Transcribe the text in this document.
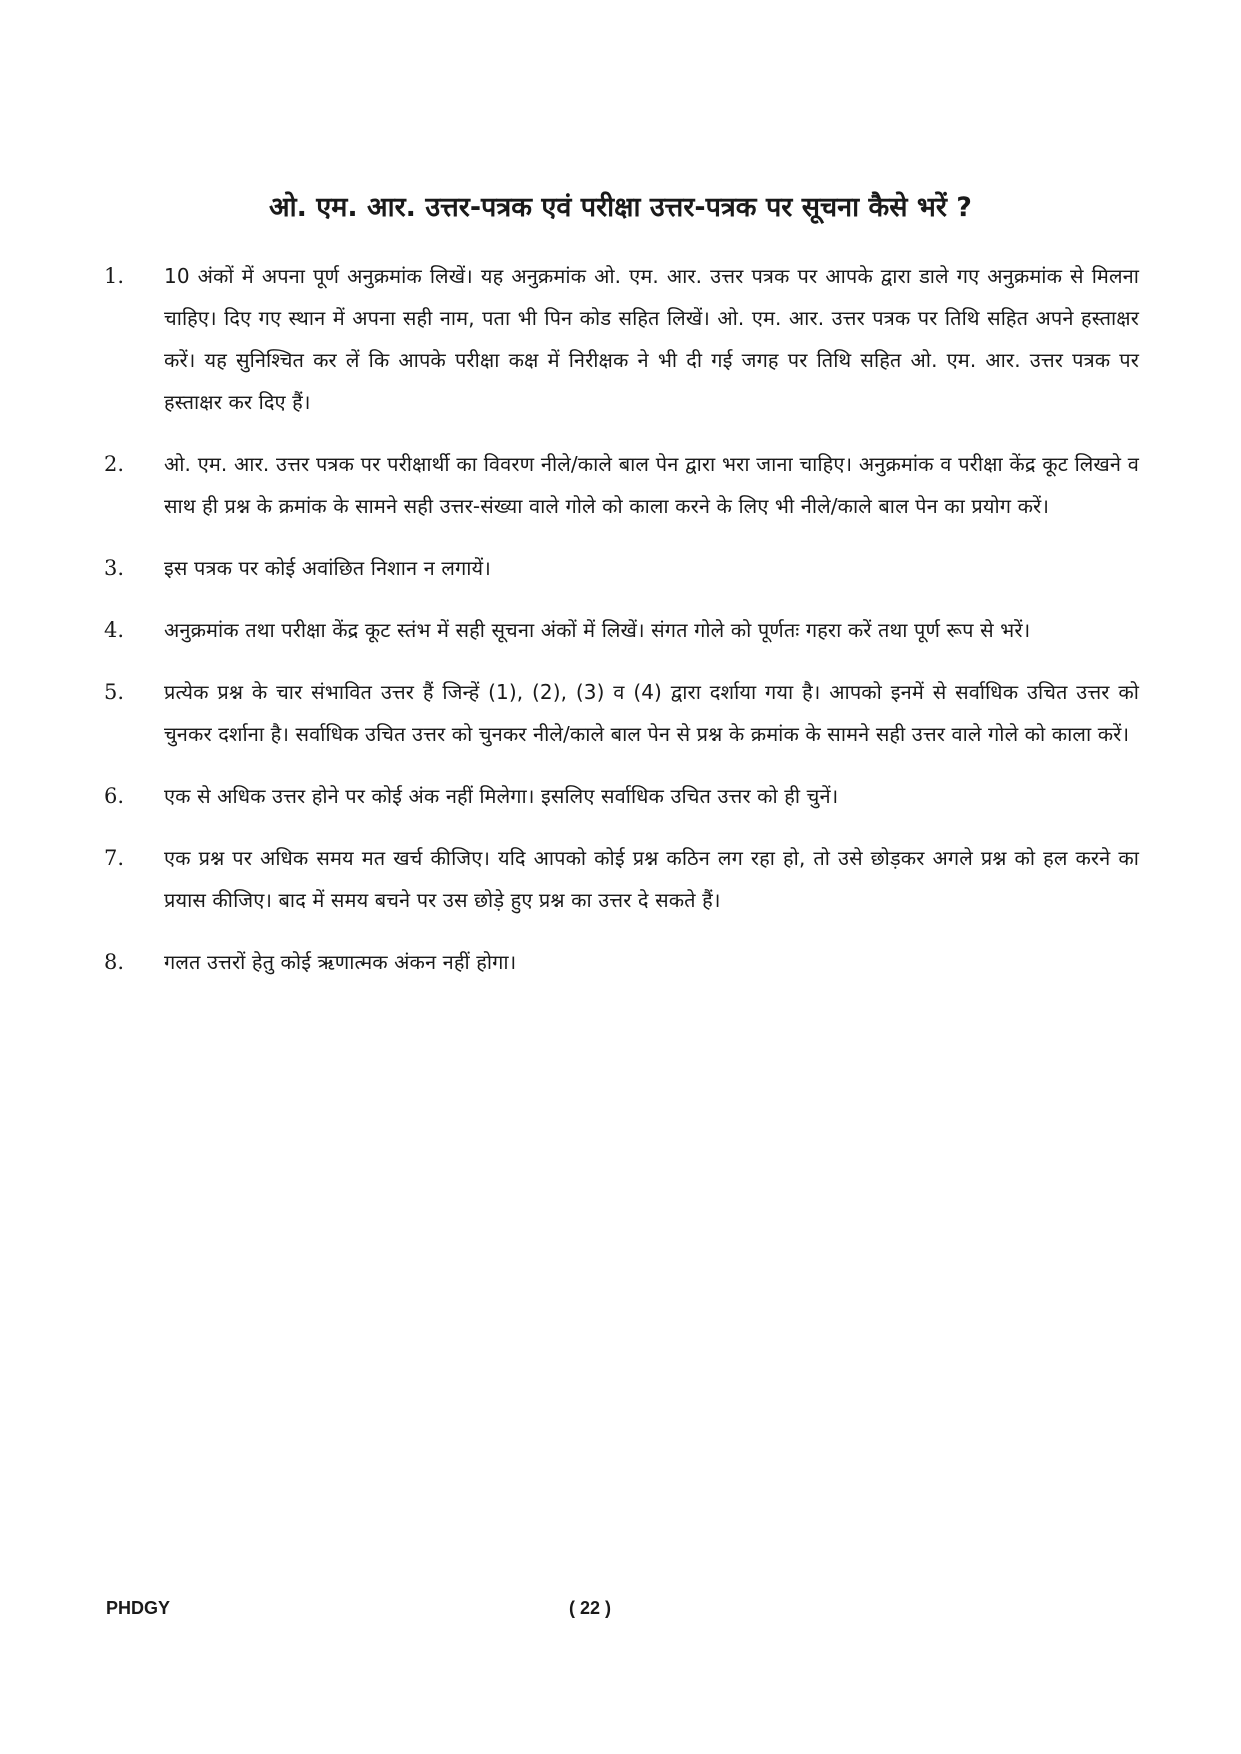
ओ. एम. आर. उत्तर-पत्रक एवं परीक्षा उत्तर-पत्रक पर सूचना कैसे भरें ?
1.	10 अंकों में अपना पूर्ण अनुक्रमांक लिखें। यह अनुक्रमांक ओ. एम. आर. उत्तर पत्रक पर आपके द्वारा डाले गए अनुक्रमांक से मिलना चाहिए। दिए गए स्थान में अपना सही नाम, पता भी पिन कोड सहित लिखें। ओ. एम. आर. उत्तर पत्रक पर तिथि सहित अपने हस्ताक्षर करें। यह सुनिश्चित कर लें कि आपके परीक्षा कक्ष में निरीक्षक ने भी दी गई जगह पर तिथि सहित ओ. एम. आर. उत्तर पत्रक पर हस्ताक्षर कर दिए हैं।
2.	ओ. एम. आर. उत्तर पत्रक पर परीक्षार्थी का विवरण नीले/काले बाल पेन द्वारा भरा जाना चाहिए। अनुक्रमांक व परीक्षा केंद्र कूट लिखने व साथ ही प्रश्न के क्रमांक के सामने सही उत्तर-संख्या वाले गोले को काला करने के लिए भी नीले/काले बाल पेन का प्रयोग करें।
3.	इस पत्रक पर कोई अवांछित निशान न लगायें।
4.	अनुक्रमांक तथा परीक्षा केंद्र कूट स्तंभ में सही सूचना अंकों में लिखें। संगत गोले को पूर्णतः गहरा करें तथा पूर्ण रूप से भरें।
5.	प्रत्येक प्रश्न के चार संभावित उत्तर हैं जिन्हें (1), (2), (3) व (4) द्वारा दर्शाया गया है। आपको इनमें से सर्वाधिक उचित उत्तर को चुनकर दर्शाना है। सर्वाधिक उचित उत्तर को चुनकर नीले/काले बाल पेन से प्रश्न के क्रमांक के सामने सही उत्तर वाले गोले को काला करें।
6.	एक से अधिक उत्तर होने पर कोई अंक नहीं मिलेगा। इसलिए सर्वाधिक उचित उत्तर को ही चुनें।
7.	एक प्रश्न पर अधिक समय मत खर्च कीजिए। यदि आपको कोई प्रश्न कठिन लग रहा हो, तो उसे छोड़कर अगले प्रश्न को हल करने का प्रयास कीजिए। बाद में समय बचने पर उस छोड़े हुए प्रश्न का उत्तर दे सकते हैं।
8.	गलत उत्तरों हेतु कोई ऋणात्मक अंकन नहीं होगा।
PHDGY	( 22 )
